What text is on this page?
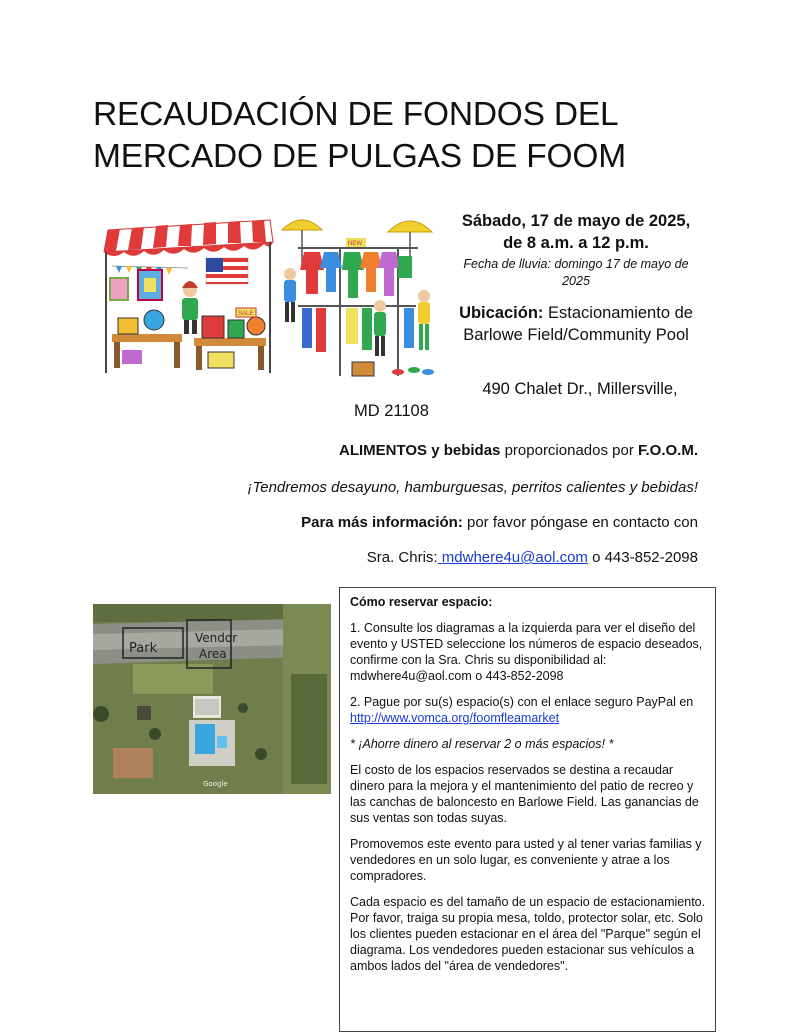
RECAUDACIÓN DE FONDOS DEL MERCADO DE PULGAS DE FOOM
SALE
NEW
Sábado, 17 de mayo de 2025, de 8 a.m. a 12 p.m.
Fecha de lluvia: domingo 17 de mayo de 2025
Ubicación: Estacionamiento de Barlowe Field/Community Pool
490 Chalet Dr., Millersville,
MD 21108
ALIMENTOS y bebidas proporcionados por F.O.O.M.
¡Tendremos desayuno, hamburguesas, perritos calientes y bebidas!
Para más información: por favor póngase en contacto con
Sra. Chris: mdwhere4u@aol.com o 443-852-2098
Park
Vendor
Area
Google

Cómo reservar espacio:

1. Consulte los diagramas a la izquierda para ver el diseño del evento y USTED seleccione los números de espacio deseados, confirme con la Sra. Chris su disponibilidad al: mdwhere4u@aol.com o 443-852-2098

2. Pague por su(s) espacio(s) con el enlace seguro PayPal en http://www.vomca.org/foomfleamarket

* ¡Ahorre dinero al reservar 2 o más espacios! *

El costo de los espacios reservados se destina a recaudar dinero para la mejora y el mantenimiento del patio de recreo y las canchas de baloncesto en Barlowe Field. Las ganancias de sus ventas son todas suyas.

Promovemos este evento para usted y al tener varias familias y vendedores en un solo lugar, es conveniente y atrae a los compradores.

Cada espacio es del tamaño de un espacio de estacionamiento. Por favor, traiga su propia mesa, toldo, protector solar, etc. Solo los clientes pueden estacionar en el área del "Parque" según el diagrama. Los vendedores pueden estacionar sus vehículos a ambos lados del "área de vendedores".
